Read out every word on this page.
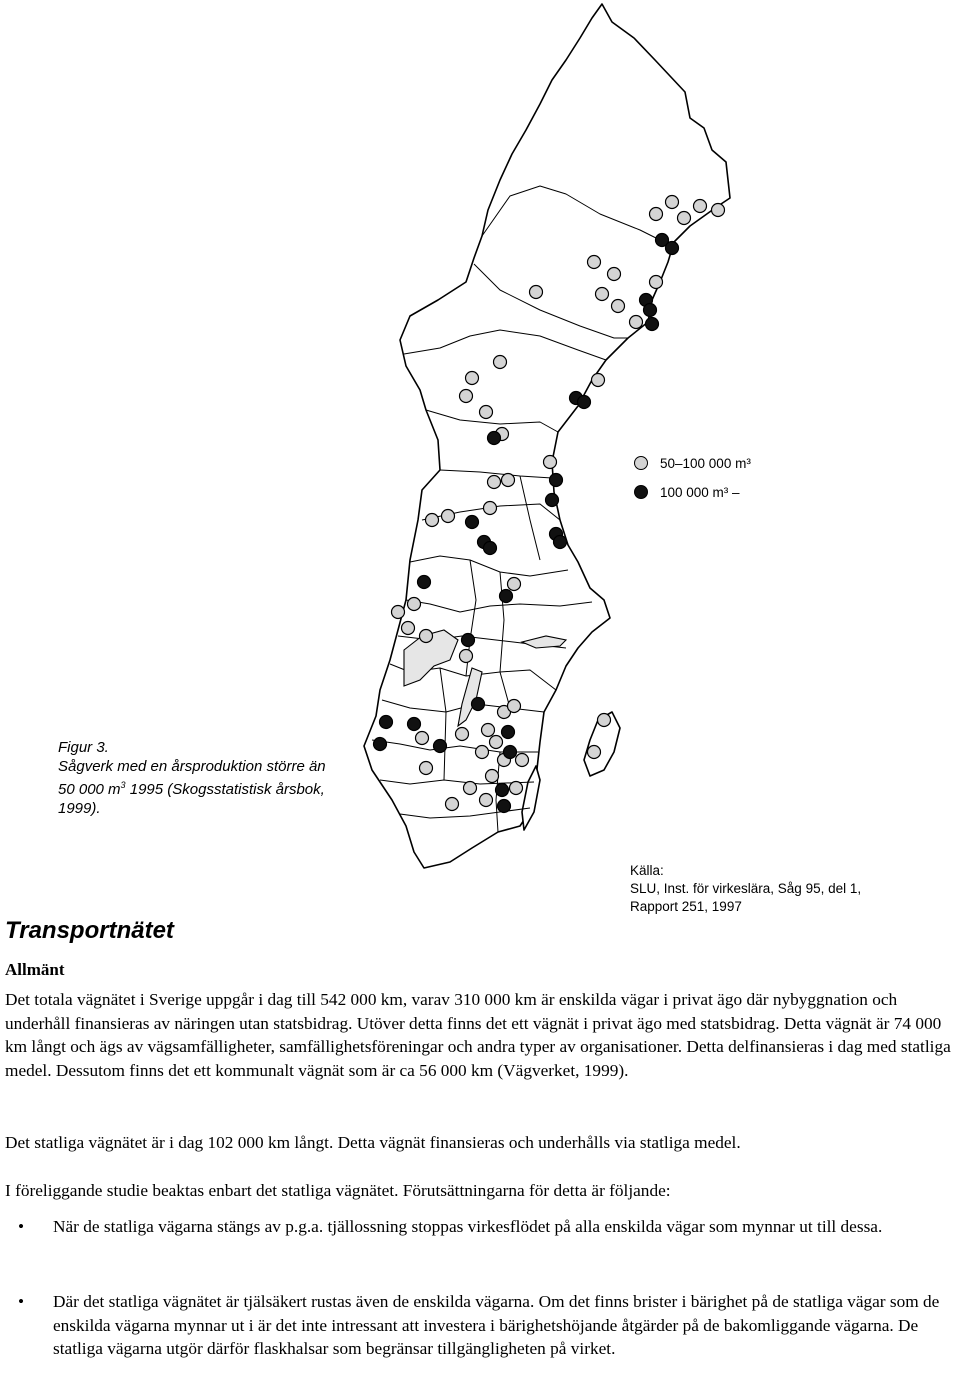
50–100 000 m³
100 000 m³ –
Figur 3.
Sågverk med en årsproduktion större än
50 000 $m^3$ 1995 (Skogsstatistisk årsbok,
1999).
Källa:
SLU, Inst. för virkeslära, Såg 95, del 1,
Rapport 251, 1997
Transportnätet
Allmänt

Det totala vägnätet i Sverige uppgår i dag till 542 000 km, varav 310 000 km är enskilda vägar i privat ägo där nybyggnation och underhåll finansieras av näringen utan statsbidrag. Utöver detta finns det ett vägnät i privat ägo med statsbidrag. Detta vägnät är 74 000 km långt och ägs av vägsamfälligheter, samfällighetsföreningar och andra typer av organisationer. Detta delfinansieras i dag med statliga medel. Dessutom finns det ett kommunalt vägnät som är ca 56 000 km (Vägverket, 1999).

Det statliga vägnätet är i dag 102 000 km långt. Detta vägnät finansieras och underhålls via statliga medel.

I föreliggande studie beaktas enbart det statliga vägnätet. Förutsättningarna för detta är följande:

• När de statliga vägarna stängs av p.g.a. tjällossning stoppas virkesflödet på alla enskilda vägar som mynnar ut till dessa.
• Där det statliga vägnätet är tjälsäkert rustas även de enskilda vägarna. Om det finns brister i bärighet på de statliga vägar som de enskilda vägarna mynnar ut i är det inte intressant att investera i bärighetshöjande åtgärder på de bakomliggande vägarna. De statliga vägarna utgör därför flaskhalsar som begränsar tillgängligheten på virket.
